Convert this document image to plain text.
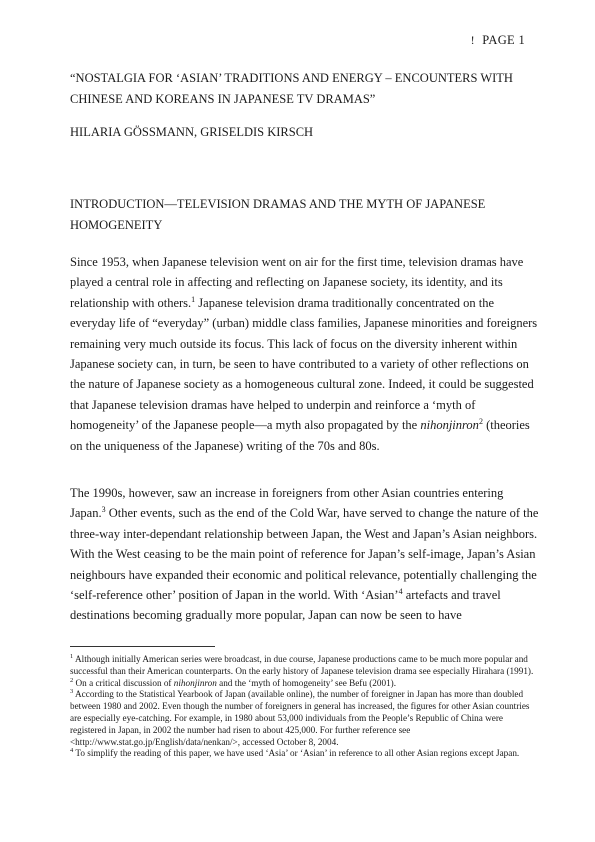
! PAGE 1
“NOSTALGIA FOR ‘ASIAN’ TRADITIONS AND ENERGY – ENCOUNTERS WITH CHINESE AND KOREANS IN JAPANESE TV DRAMAS”
HILARIA GÖSSMANN, GRISELDIS KIRSCH
INTRODUCTION—TELEVISION DRAMAS AND THE MYTH OF JAPANESE HOMOGENEITY

Since 1953, when Japanese television went on air for the first time, television dramas have played a central role in affecting and reflecting on Japanese society, its identity, and its relationship with others.$^1$ Japanese television drama traditionally concentrated on the everyday life of “everyday” (urban) middle class families, Japanese minorities and foreigners remaining very much outside its focus. This lack of focus on the diversity inherent within Japanese society can, in turn, be seen to have contributed to a variety of other reflections on the nature of Japanese society as a homogeneous cultural zone. Indeed, it could be suggested that Japanese television dramas have helped to underpin and reinforce a ‘myth of homogeneity’ of the Japanese people—a myth also propagated by the nihonjinron$^2$ (theories on the uniqueness of the Japanese) writing of the 70s and 80s.

The 1990s, however, saw an increase in foreigners from other Asian countries entering Japan.$^3$ Other events, such as the end of the Cold War, have served to change the nature of the three-way inter-dependant relationship between Japan, the West and Japan’s Asian neighbors. With the West ceasing to be the main point of reference for Japan’s self-image, Japan’s Asian neighbours have expanded their economic and political relevance, potentially challenging the ‘self-reference other’ position of Japan in the world. With ‘Asian’$^4$ artefacts and travel destinations becoming gradually more popular, Japan can now be seen to have

$^1$ Although initially American series were broadcast, in due course, Japanese productions came to be much more popular and successful than their American counterparts. On the early history of Japanese television drama see especially Hirahara (1991).

$^2$ On a critical discussion of nihonjinron and the ‘myth of homogeneity’ see Befu (2001).

$^3$ According to the Statistical Yearbook of Japan (available online), the number of foreigner in Japan has more than doubled between 1980 and 2002. Even though the number of foreigners in general has increased, the figures for other Asian countries are especially eye-catching. For example, in 1980 about 53,000 individuals from the People’s Republic of China were registered in Japan, in 2002 the number had risen to about 425,000. For further reference see <http://www.stat.go.jp/English/data/nenkan/>, accessed October 8, 2004.

$^4$ To simplify the reading of this paper, we have used ‘Asia’ or ‘Asian’ in reference to all other Asian regions except Japan.
